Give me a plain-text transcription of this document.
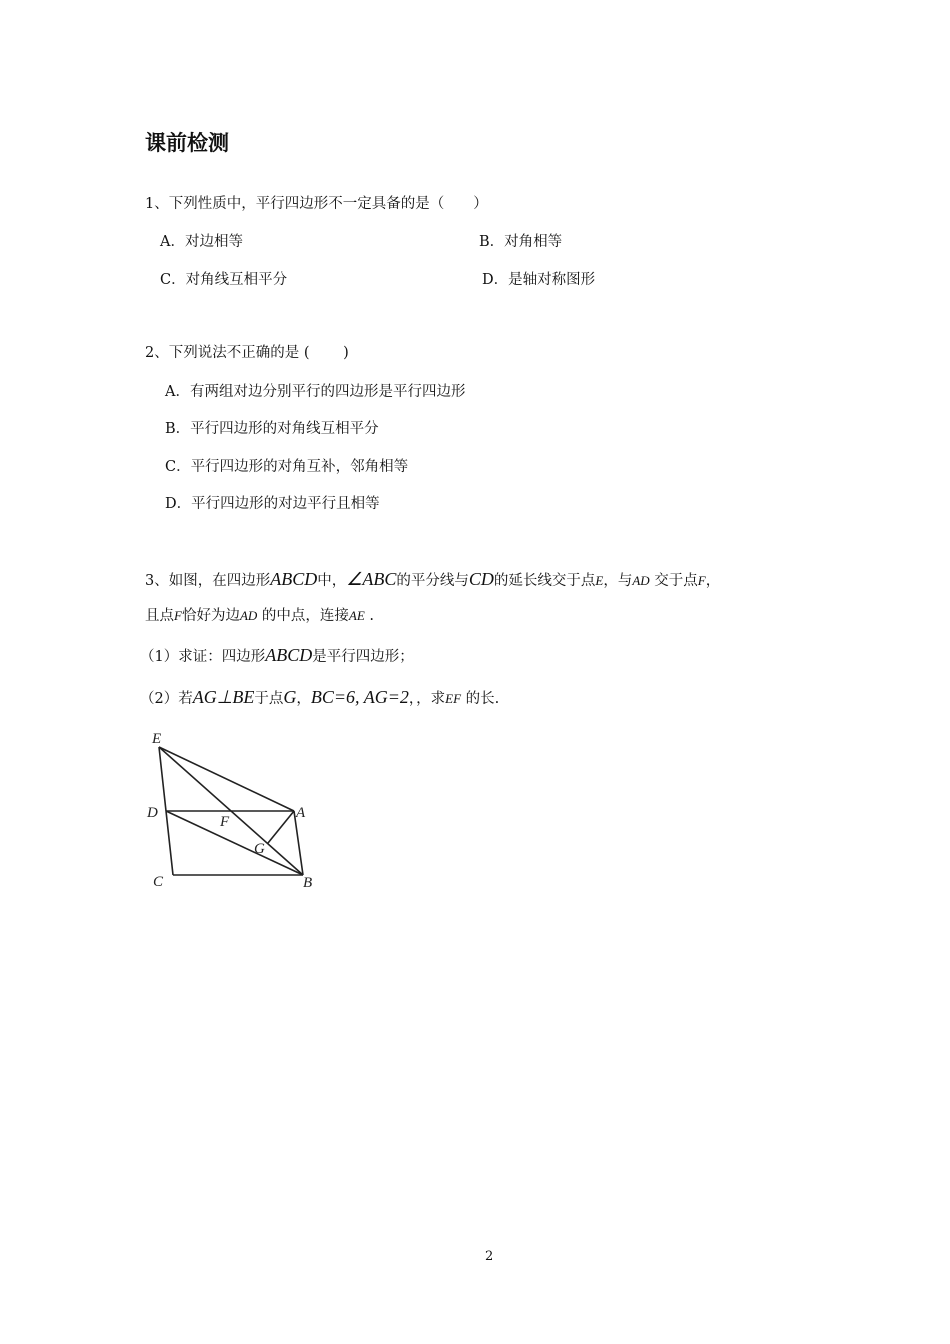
课前检测
1、下列性质中，平行四边形不一定具备的是（　　）
A．对边相等	B．对角相等
C．对角线互相平分	D．是轴对称图形
2、下列说法不正确的是 (　　 )
A．有两组对边分别平行的四边形是平行四边形
B．平行四边形的对角线互相平分
C．平行四边形的对角互补，邻角相等
D．平行四边形的对边平行且相等
3、如图，在四边形ABCD中，∠ABC的平分线与CD的延长线交于点E，与AD 交于点F，
且点F恰好为边AD 的中点，连接AE .
（1）求证：四边形ABCD是平行四边形；
（2）若AG⊥BE于点G，BC=6, AG=2，，求EF 的长.
E
D	A
F
G
C	B
2
